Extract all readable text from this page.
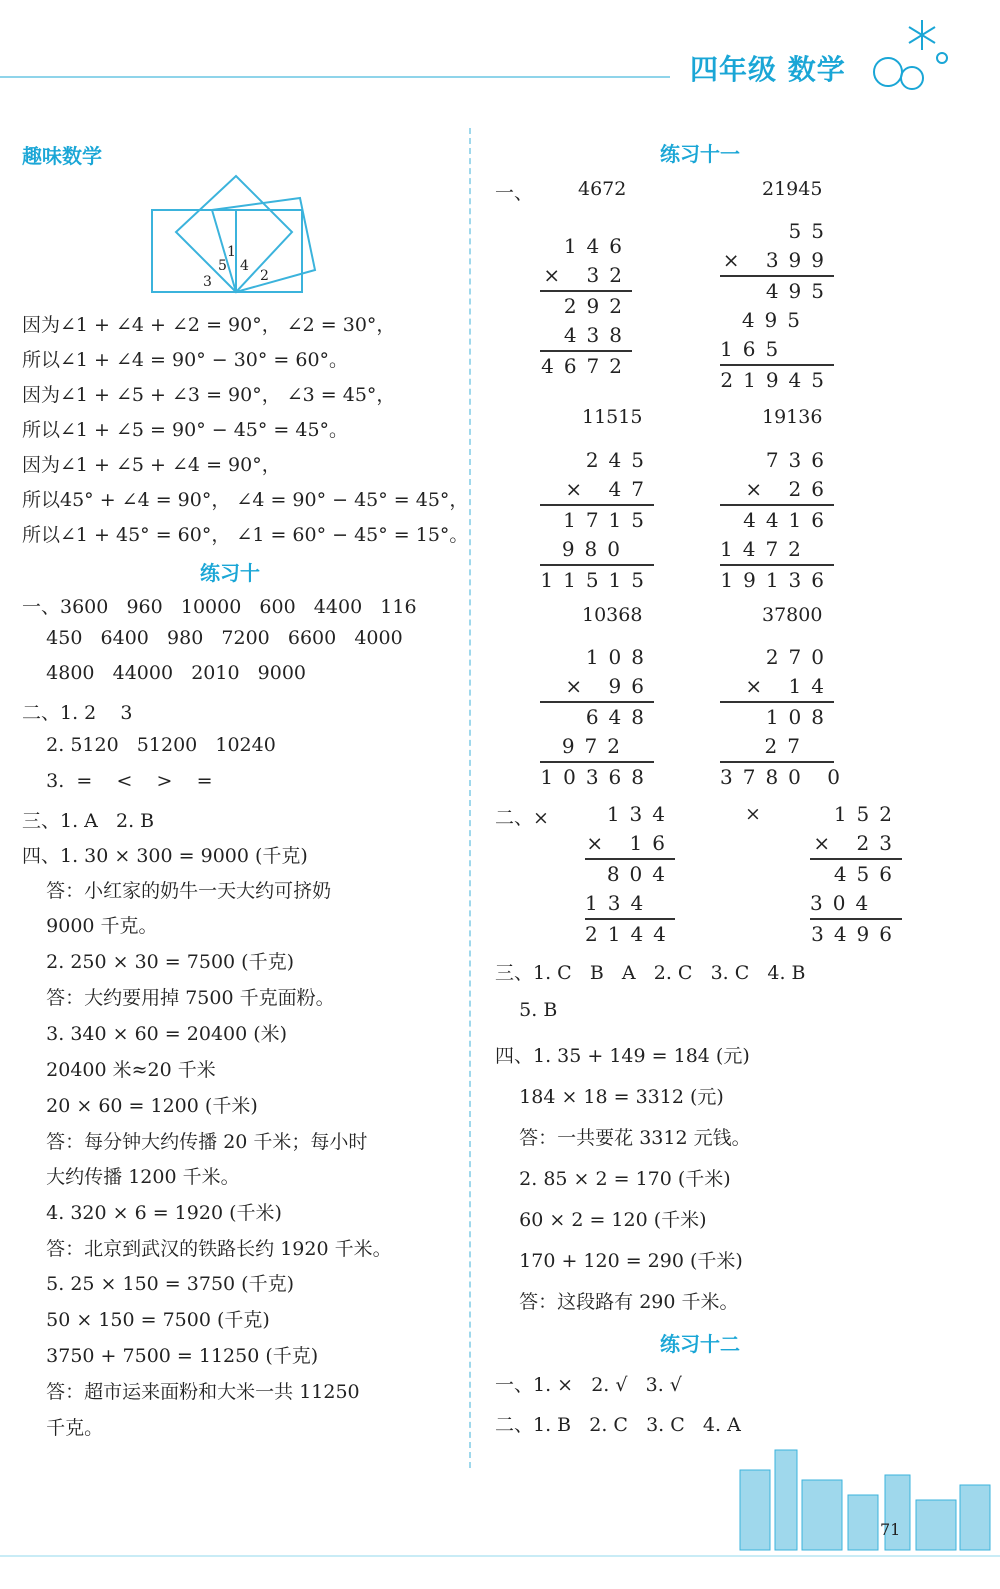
四年级 数学
趣味数学
1
5 4
3	2
因为∠1 + ∠4 + ∠2 = 90°， ∠2 = 30°，
所以∠1 + ∠4 = 90° − 30° = 60°。
因为∠1 + ∠5 + ∠3 = 90°， ∠3 = 45°，
所以∠1 + ∠5 = 90° − 45° = 45°。
因为∠1 + ∠5 + ∠4 = 90°，
所以45° + ∠4 = 90°， ∠4 = 90° − 45° = 45°，
所以∠1 + 45° = 60°， ∠1 = 60° − 45° = 15°。
练习十
一、3600   960   10000   600   4400   116
450   6400   980   7200   6600   4000
4800   44000   2010   9000
二、1. 2    3
2. 5120   51200   10240
3.  =    <    >    =
三、1. A   2. B
四、1. 30 × 300 = 9000 (千克)
答：小红家的奶牛一天大约可挤奶
9000 千克。
2. 250 × 30 = 7500 (千克)
答：大约要用掉 7500 千克面粉。
3. 340 × 60 = 20400 (米)
20400 米≈20 千米
20 × 60 = 1200 (千米)
答：每分钟大约传播 20 千米；每小时
大约传播 1200 千米。
4. 320 × 6 = 1920 (千米)
答：北京到武汉的铁路长约 1920 千米。
5. 25 × 150 = 3750 (千克)
50 × 150 = 7500 (千克)
3750 + 7500 = 11250 (千克)
答：超市运来面粉和大米一共 11250
千克。
练习十一
一、 4672
146
× 32
292
438
4672
21945
55
× 399
495
495
165
21945
11515
245
× 47
1715
980
11515
19136
736
× 26
4416
1472
19136
10368
108
× 96
648
972
10368
37800
270
× 14
108
27
3780 0
二、×	×
134
× 16
804
134
2144
152
× 23
456
304
3496
三、1. C   B   A   2. C   3. C   4. B
5. B
四、1. 35 + 149 = 184 (元)
184 × 18 = 3312 (元)
答：一共要花 3312 元钱。
2. 85 × 2 = 170 (千米)
60 × 2 = 120 (千米)
170 + 120 = 290 (千米)
答：这段路有 290 千米。
练习十二
一、1. ×   2. √   3. √
二、1. B   2. C   3. C   4. A
71
